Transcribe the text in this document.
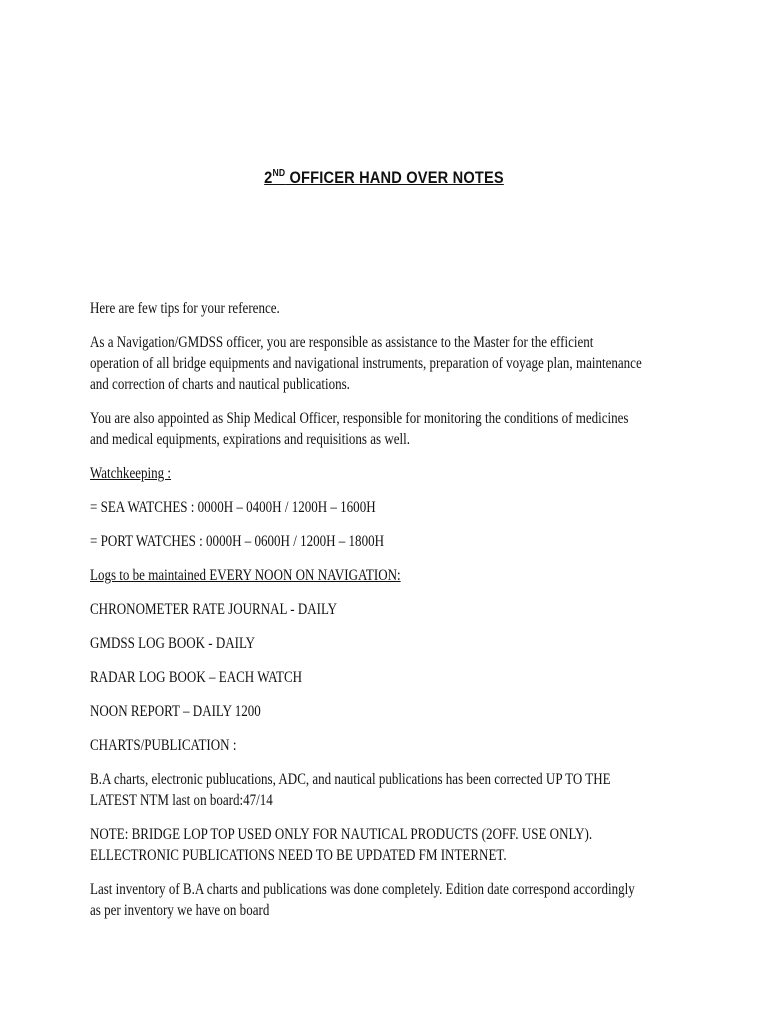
2ND OFFICER HAND OVER NOTES

Here are few tips for your reference.

As a Navigation/GMDSS officer, you are responsible as assistance to the Master for the efficient operation of all bridge equipments and navigational instruments, preparation of voyage plan, maintenance and correction of charts and nautical publications.

You are also appointed as Ship Medical Officer, responsible for monitoring the conditions of medicines and medical equipments, expirations and requisitions as well.

Watchkeeping :

= SEA WATCHES : 0000H – 0400H / 1200H – 1600H

= PORT WATCHES : 0000H – 0600H / 1200H – 1800H

Logs to be maintained EVERY NOON ON NAVIGATION:

CHRONOMETER RATE JOURNAL - DAILY

GMDSS LOG BOOK - DAILY

RADAR LOG BOOK – EACH WATCH

NOON REPORT – DAILY 1200

CHARTS/PUBLICATION :

B.A charts, electronic publucations, ADC, and nautical publications has been corrected UP TO THE LATEST NTM last on board:47/14

NOTE: BRIDGE LOP TOP USED ONLY FOR NAUTICAL PRODUCTS (2OFF. USE ONLY). ELLECTRONIC PUBLICATIONS NEED TO BE UPDATED FM INTERNET.

Last inventory of B.A charts and publications was done completely. Edition date correspond accordingly as per inventory we have on board
